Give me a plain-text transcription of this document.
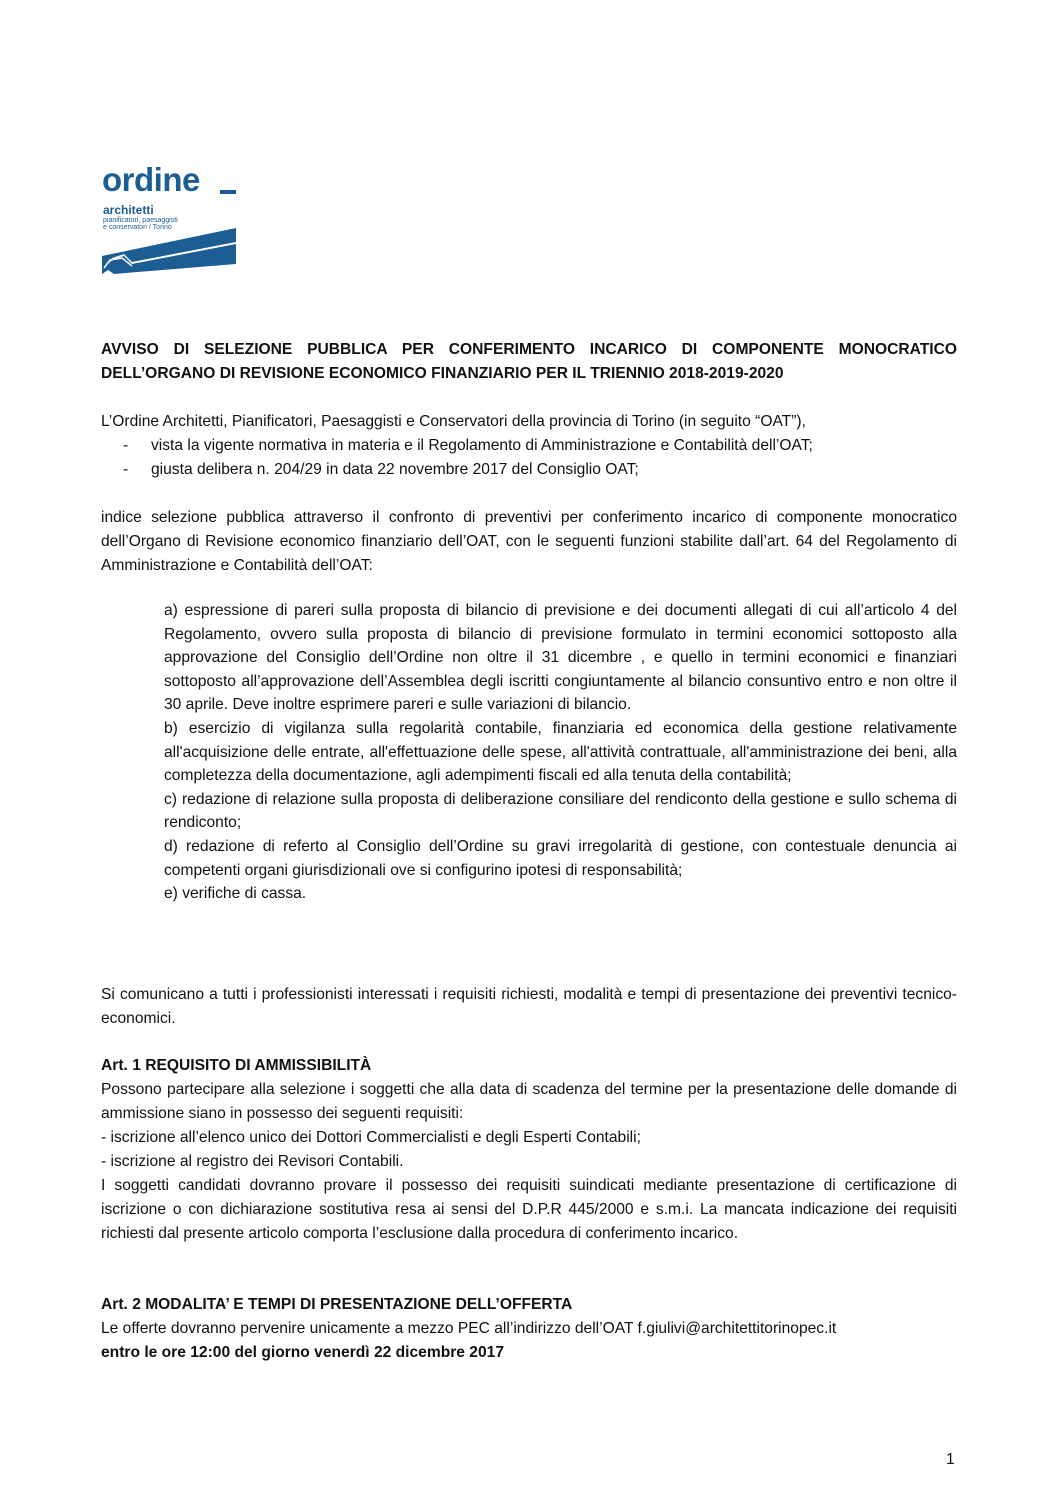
ordine
architetti
pianificatori, paesaggisti
e conservatori / Torino
AVVISO DI SELEZIONE PUBBLICA PER CONFERIMENTO INCARICO DI COMPONENTE MONOCRATICO DELL’ORGANO DI REVISIONE ECONOMICO FINANZIARIO PER IL TRIENNIO 2018-2019-2020
L’Ordine Architetti, Pianificatori, Paesaggisti e Conservatori della provincia di Torino (in seguito “OAT”),
-	vista la vigente normativa in materia e il Regolamento di Amministrazione e Contabilità dell’OAT;
-	giusta delibera n. 204/29 in data 22 novembre 2017 del Consiglio OAT;
indice selezione pubblica attraverso il confronto di preventivi per conferimento incarico di componente monocratico dell’Organo di Revisione economico finanziario dell’OAT, con le seguenti funzioni stabilite dall’art. 64 del Regolamento di Amministrazione e Contabilità dell’OAT:

a) espressione di pareri sulla proposta di bilancio di previsione e dei documenti allegati di cui all’articolo 4 del Regolamento, ovvero sulla proposta di bilancio di previsione formulato in termini economici sottoposto alla approvazione del Consiglio dell’Ordine non oltre il 31 dicembre , e quello in termini economici e finanziari sottoposto all’approvazione dell’Assemblea degli iscritti congiuntamente al bilancio consuntivo entro e non oltre il 30 aprile. Deve inoltre esprimere pareri e sulle variazioni di bilancio.

b) esercizio di vigilanza sulla regolarità contabile, finanziaria ed economica della gestione relativamente all'acquisizione delle entrate, all'effettuazione delle spese, all'attività contrattuale, all'amministrazione dei beni, alla completezza della documentazione, agli adempimenti fiscali ed alla tenuta della contabilità;

c) redazione di relazione sulla proposta di deliberazione consiliare del rendiconto della gestione e sullo schema di rendiconto;

d) redazione di referto al Consiglio dell’Ordine su gravi irregolarità di gestione, con contestuale denuncia ai competenti organi giurisdizionali ove si configurino ipotesi di responsabilità;

e) verifiche di cassa.

Si comunicano a tutti i professionisti interessati i requisiti richiesti, modalità e tempi di presentazione dei preventivi tecnico-economici.
Art. 1 REQUISITO DI AMMISSIBILITÀ
Possono partecipare alla selezione i soggetti che alla data di scadenza del termine per la presentazione delle domande di ammissione siano in possesso dei seguenti requisiti:
- iscrizione all’elenco unico dei Dottori Commercialisti e degli Esperti Contabili;
- iscrizione al registro dei Revisori Contabili.
I soggetti candidati dovranno provare il possesso dei requisiti suindicati mediante presentazione di certificazione di iscrizione o con dichiarazione sostitutiva resa ai sensi del D.P.R 445/2000 e s.m.i. La mancata indicazione dei requisiti richiesti dal presente articolo comporta l’esclusione dalla procedura di conferimento incarico.
Art. 2 MODALITA’ E TEMPI DI PRESENTAZIONE DELL’OFFERTA
Le offerte dovranno pervenire unicamente a mezzo PEC all’indirizzo dell’OAT f.giulivi@architettitorinopec.it
entro le ore 12:00 del giorno venerdì 22 dicembre 2017
1
